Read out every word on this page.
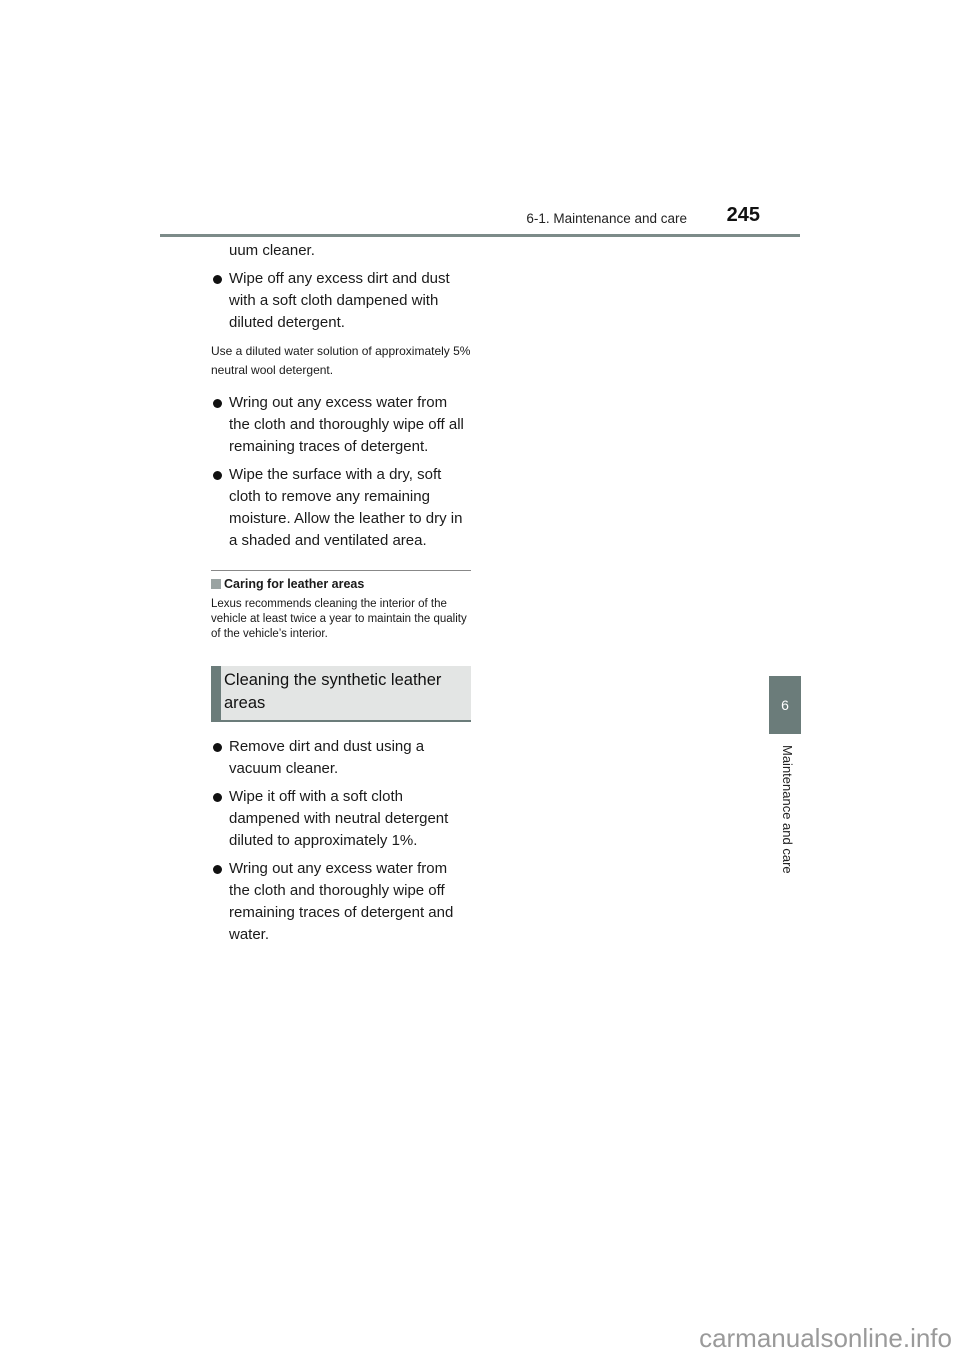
6-1. Maintenance and care 245
6
Maintenance and care
uum cleaner.
Wipe off any excess dirt and dust with a soft cloth dampened with diluted detergent.
Use a diluted water solution of approximately 5% neutral wool detergent.
Wring out any excess water from the cloth and thoroughly wipe off all remaining traces of detergent.
Wipe the surface with a dry, soft cloth to remove any remaining moisture. Allow the leather to dry in a shaded and ventilated area.
Caring for leather areas
Lexus recommends cleaning the interior of the vehicle at least twice a year to maintain the quality of the vehicle’s interior.
Cleaning the synthetic leather areas
Remove dirt and dust using a vacuum cleaner.
Wipe it off with a soft cloth dampened with neutral detergent diluted to approximately 1%.
Wring out any excess water from the cloth and thoroughly wipe off remaining traces of detergent and water.
carmanualsonline.info
